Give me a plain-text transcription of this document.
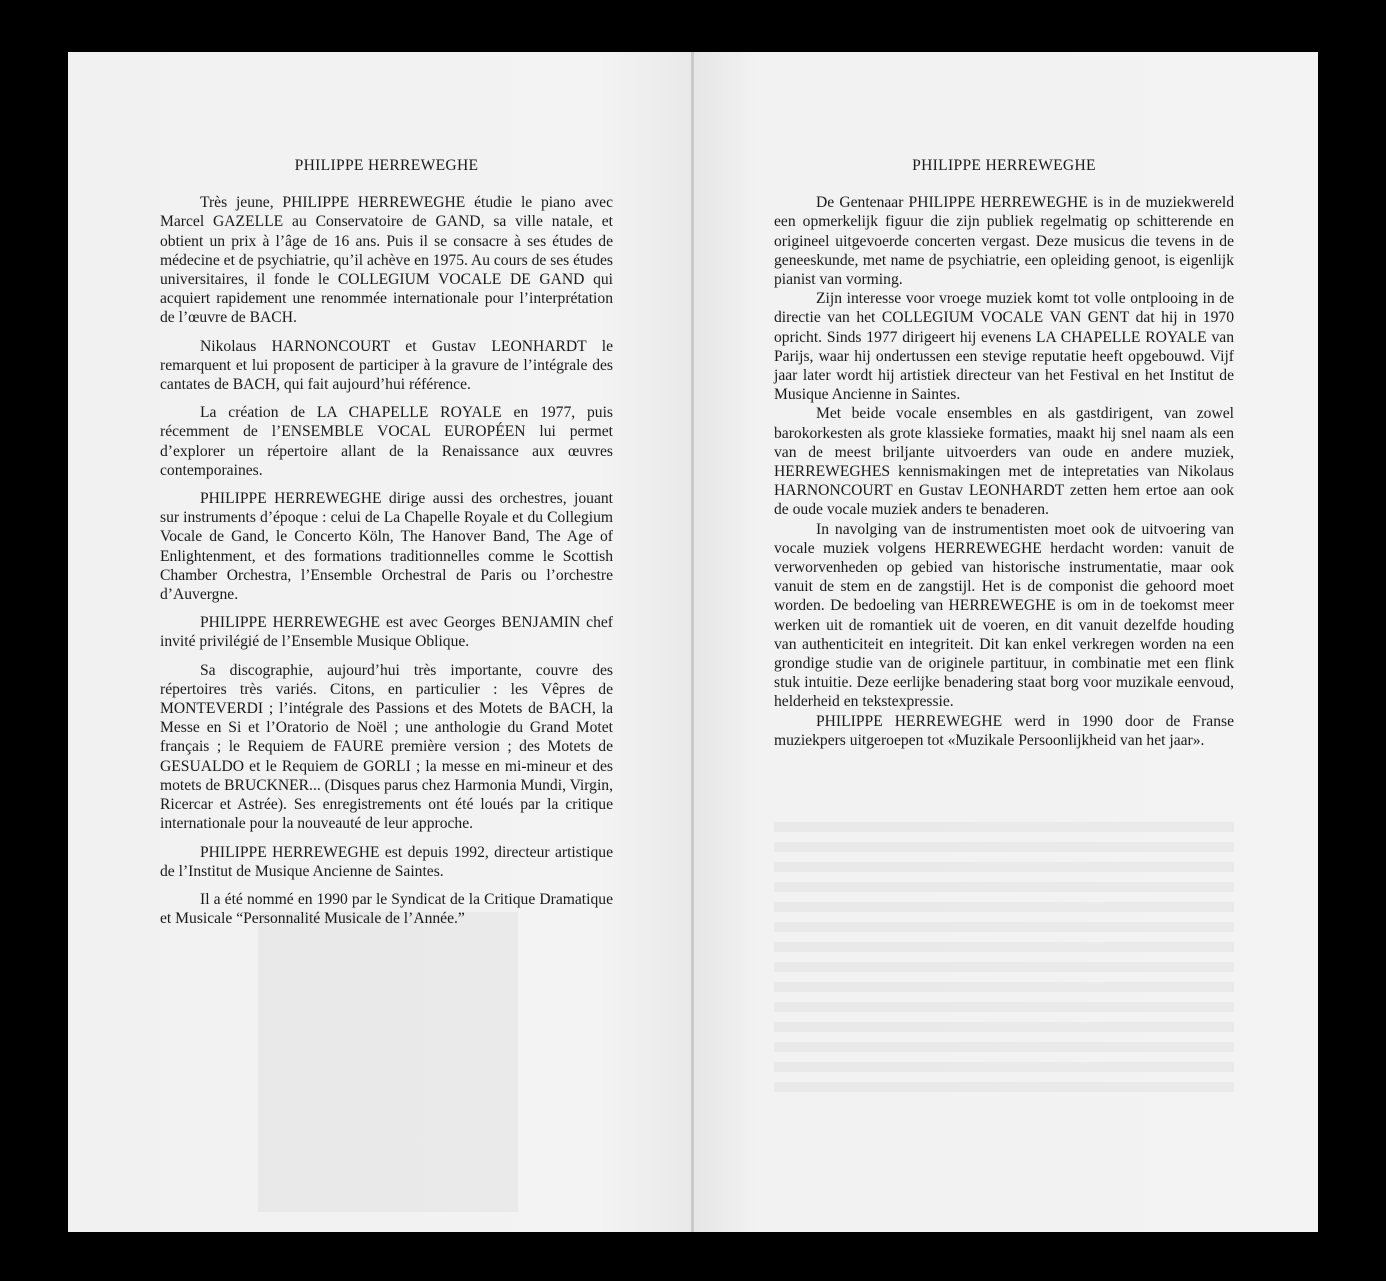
PHILIPPE HERREWEGHE

Très jeune, PHILIPPE HERREWEGHE étudie le piano avec Marcel GAZELLE au Conservatoire de GAND, sa ville natale, et obtient un prix à l’âge de 16 ans. Puis il se consacre à ses études de médecine et de psychiatrie, qu’il achève en 1975. Au cours de ses études universitaires, il fonde le COLLEGIUM VOCALE DE GAND qui acquiert rapidement une renommée internationale pour l’interprétation de l’œuvre de BACH.

Nikolaus HARNONCOURT et Gustav LEONHARDT le remarquent et lui proposent de participer à la gravure de l’intégrale des cantates de BACH, qui fait aujourd’hui référence.

La création de LA CHAPELLE ROYALE en 1977, puis récemment de l’ENSEMBLE VOCAL EUROPÉEN lui permet d’explorer un répertoire allant de la Renaissance aux œuvres contemporaines.

PHILIPPE HERREWEGHE dirige aussi des orchestres, jouant sur instruments d’époque : celui de La Chapelle Royale et du Collegium Vocale de Gand, le Concerto Köln, The Hanover Band, The Age of Enlightenment, et des formations traditionnelles comme le Scottish Chamber Orchestra, l’Ensemble Orchestral de Paris ou l’orchestre d’Auvergne.

PHILIPPE HERREWEGHE est avec Georges BENJAMIN chef invité privilégié de l’Ensemble Musique Oblique.

Sa discographie, aujourd’hui très importante, couvre des répertoires très variés. Citons, en particulier : les Vêpres de MONTEVERDI ; l’intégrale des Passions et des Motets de BACH, la Messe en Si et l’Oratorio de Noël ; une anthologie du Grand Motet français ; le Requiem de FAURE première version ; des Motets de GESUALDO et le Requiem de GORLI ; la messe en mi-mineur et des motets de BRUCKNER... (Disques parus chez Harmonia Mundi, Virgin, Ricercar et Astrée). Ses enregistrements ont été loués par la critique internationale pour la nouveauté de leur approche.

PHILIPPE HERREWEGHE est depuis 1992, directeur artistique de l’Institut de Musique Ancienne de Saintes.

Il a été nommé en 1990 par le Syndicat de la Critique Dramatique et Musicale “Personnalité Musicale de l’Année.”

PHILIPPE HERREWEGHE

De Gentenaar PHILIPPE HERREWEGHE is in de muziekwereld een opmerkelijk figuur die zijn publiek regelmatig op schitterende en origineel uitgevoerde concerten vergast. Deze musicus die tevens in de geneeskunde, met name de psychiatrie, een opleiding genoot, is eigenlijk pianist van vorming.

Zijn interesse voor vroege muziek komt tot volle ontplooing in de directie van het COLLEGIUM VOCALE VAN GENT dat hij in 1970 opricht. Sinds 1977 dirigeert hij evenens LA CHAPELLE ROYALE van Parijs, waar hij ondertussen een stevige reputatie heeft opgebouwd. Vijf jaar later wordt hij artistiek directeur van het Festival en het Institut de Musique Ancienne in Saintes.

Met beide vocale ensembles en als gastdirigent, van zowel barokorkesten als grote klassieke formaties, maakt hij snel naam als een van de meest briljante uitvoerders van oude en andere muziek, HERREWEGHES kennismakingen met de intepretaties van Nikolaus HARNONCOURT en Gustav LEONHARDT zetten hem ertoe aan ook de oude vocale muziek anders te benaderen.

In navolging van de instrumentisten moet ook de uitvoering van vocale muziek volgens HERREWEGHE herdacht worden: vanuit de verworvenheden op gebied van historische instrumentatie, maar ook vanuit de stem en de zangstijl. Het is de componist die gehoord moet worden. De bedoeling van HERREWEGHE is om in de toekomst meer werken uit de romantiek uit de voeren, en dit vanuit dezelfde houding van authenticiteit en integriteit. Dit kan enkel verkregen worden na een grondige studie van de originele partituur, in combinatie met een flink stuk intuitie. Deze eerlijke benadering staat borg voor muzikale eenvoud, helderheid en tekstexpressie.

PHILIPPE HERREWEGHE werd in 1990 door de Franse muziekpers uitgeroepen tot «Muzikale Persoonlijkheid van het jaar».
